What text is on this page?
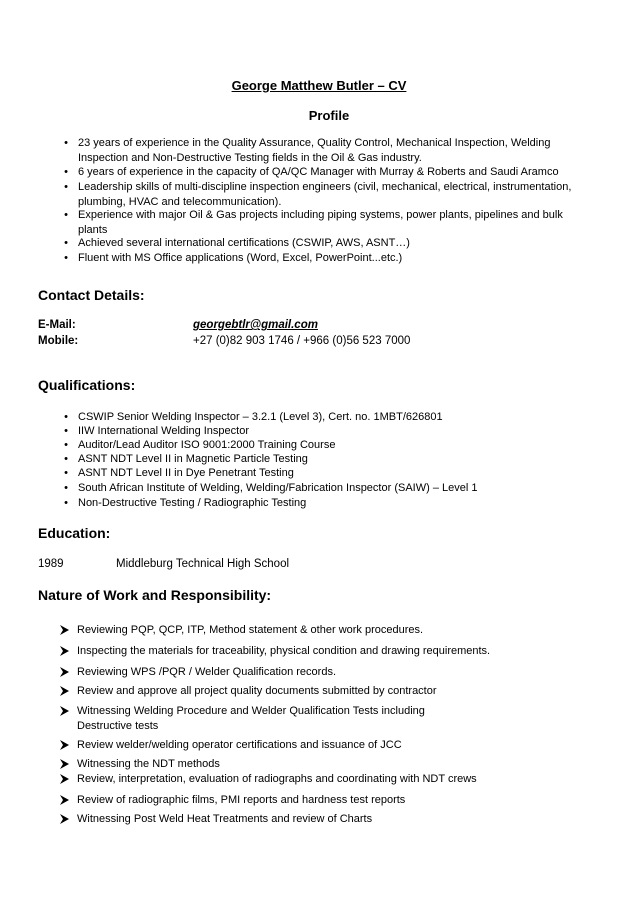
George Matthew Butler – CV
Profile
• 23 years of experience in the Quality Assurance, Quality Control, Mechanical Inspection, Welding
Inspection and Non-Destructive Testing fields in the Oil & Gas industry.
• 6 years of experience in the capacity of QA/QC Manager with Murray & Roberts and Saudi Aramco
• Leadership skills of multi-discipline inspection engineers (civil, mechanical, electrical, instrumentation,
plumbing, HVAC and telecommunication).
• Experience with major Oil & Gas projects including piping systems, power plants, pipelines and bulk
plants
• Achieved several international certifications (CSWIP, AWS, ASNT…)
• Fluent with MS Office applications (Word, Excel, PowerPoint...etc.)
Contact Details:
E-Mail:	georgebtlr@gmail.com
Mobile:	+27 (0)82 903 1746 / +966 (0)56 523 7000
Qualifications:
• CSWIP Senior Welding Inspector – 3.2.1 (Level 3), Cert. no. 1MBT/626801
• IIW International Welding Inspector
• Auditor/Lead Auditor ISO 9001:2000 Training Course
• ASNT NDT Level II in Magnetic Particle Testing
• ASNT NDT Level II in Dye Penetrant Testing
• South African Institute of Welding, Welding/Fabrication Inspector (SAIW) – Level 1
• Non-Destructive Testing / Radiographic Testing
Education:
1989	Middleburg Technical High School
Nature of Work and Responsibility:
Reviewing PQP, QCP, ITP, Method statement & other work procedures.
Inspecting the materials for traceability, physical condition and drawing requirements.
Reviewing WPS /PQR / Welder Qualification records.
Review and approve all project quality documents submitted by contractor
Witnessing Welding Procedure and Welder Qualification Tests including
Destructive tests
Review welder/welding operator certifications and issuance of JCC
Witnessing the NDT methods
Review, interpretation, evaluation of radiographs and coordinating with NDT crews
Review of radiographic films, PMI reports and hardness test reports
Witnessing Post Weld Heat Treatments and review of Charts
